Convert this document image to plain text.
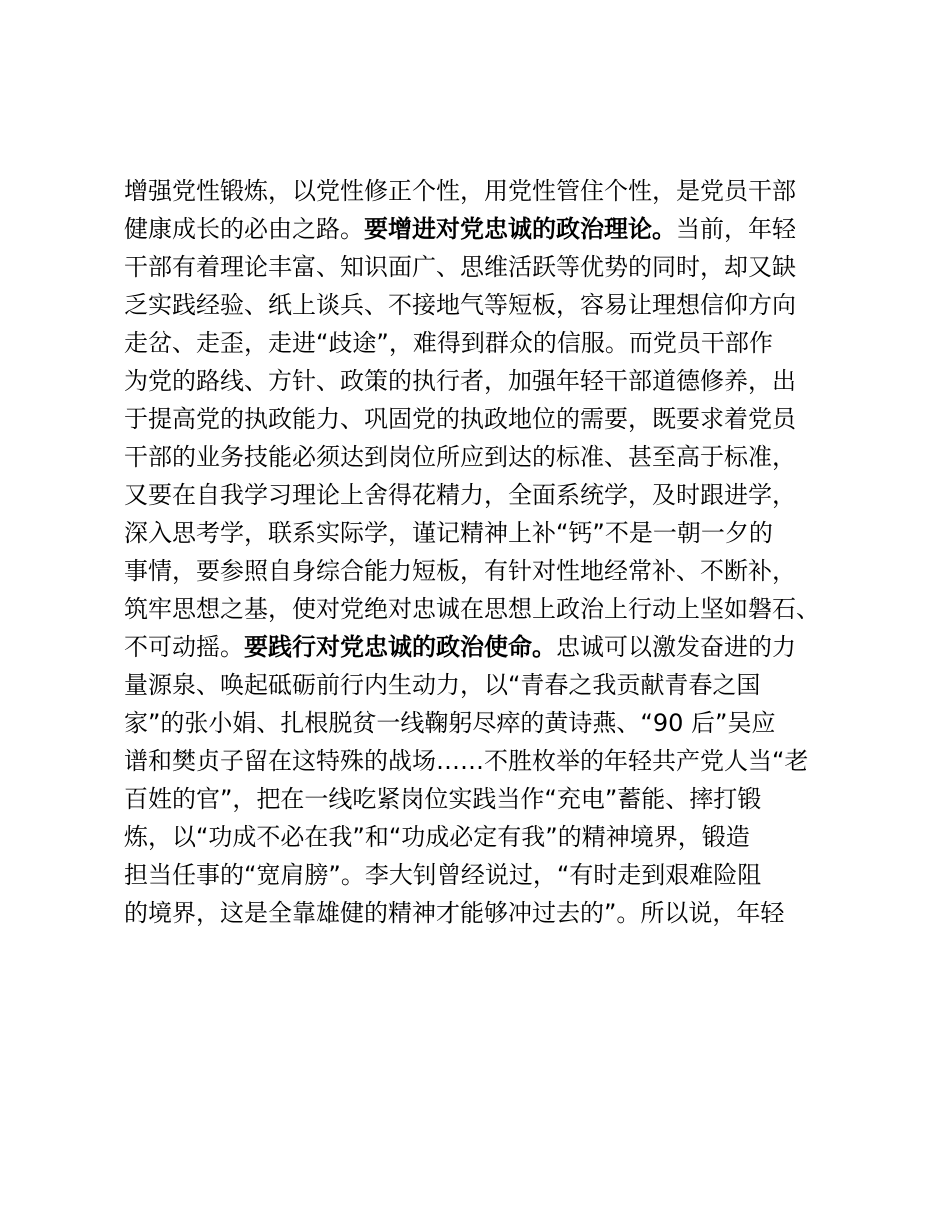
增强党性锻炼，以党性修正个性，用党性管住个性，是党员干部
健康成长的必由之路。要增进对党忠诚的政治理论。当前，年轻
干部有着理论丰富、知识面广、思维活跃等优势的同时，却又缺
乏实践经验、纸上谈兵、不接地气等短板，容易让理想信仰方向
走岔、走歪，走进“歧途”，难得到群众的信服。而党员干部作
为党的路线、方针、政策的执行者，加强年轻干部道德修养，出
于提高党的执政能力、巩固党的执政地位的需要，既要求着党员
干部的业务技能必须达到岗位所应到达的标准、甚至高于标准，
又要在自我学习理论上舍得花精力，全面系统学，及时跟进学，
深入思考学，联系实际学，谨记精神上补“钙”不是一朝一夕的
事情，要参照自身综合能力短板，有针对性地经常补、不断补，
筑牢思想之基，使对党绝对忠诚在思想上政治上行动上坚如磐石、
不可动摇。要践行对党忠诚的政治使命。忠诚可以激发奋进的力
量源泉、唤起砥砺前行内生动力，以“青春之我贡献青春之国
家”的张小娟、扎根脱贫一线鞠躬尽瘁的黄诗燕、“90 后”吴应
谱和樊贞子留在这特殊的战场……不胜枚举的年轻共产党人当“老
百姓的官”，把在一线吃紧岗位实践当作“充电”蓄能、摔打锻
炼，以“功成不必在我”和“功成必定有我”的精神境界，锻造
担当任事的“宽肩膀”。李大钊曾经说过，“有时走到艰难险阻
的境界，这是全靠雄健的精神才能够冲过去的”。所以说，年轻
